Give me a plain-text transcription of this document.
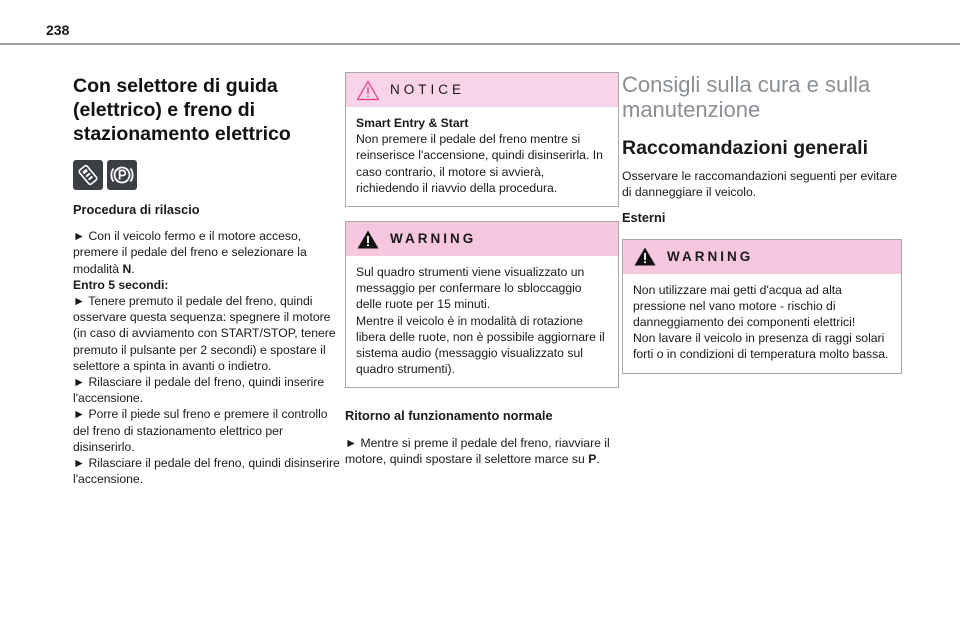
238
Con selettore di guida (elettrico) e freno di stazionamento elettrico

Procedura di rilascio

► Con il veicolo fermo e il motore acceso, premere il pedale del freno e selezionare la modalità N.

Entro 5 secondi:

► Tenere premuto il pedale del freno, quindi osservare questa sequenza: spegnere il motore (in caso di avviamento con START/STOP, tenere premuto il pulsante per 2 secondi) e spostare il selettore a spinta in avanti o indietro.

► Rilasciare il pedale del freno, quindi inserire l'accensione.

► Porre il piede sul freno e premere il controllo del freno di stazionamento elettrico per disinserirlo.

► Rilasciare il pedale del freno, quindi disinserire l'accensione.

NOTICE

Smart Entry & Start

Non premere il pedale del freno mentre si reinserisce l'accensione, quindi disinserirla. In caso contrario, il motore si avvierà, richiedendo il riavvio della procedura.

WARNING

Sul quadro strumenti viene visualizzato un messaggio per confermare lo sbloccaggio delle ruote per 15 minuti.

Mentre il veicolo è in modalità di rotazione libera delle ruote, non è possibile aggiornare il sistema audio (messaggio visualizzato sul quadro strumenti).

Ritorno al funzionamento normale

► Mentre si preme il pedale del freno, riavviare il motore, quindi spostare il selettore marce su P.

Consigli sulla cura e sulla manutenzione
Raccomandazioni generali

Osservare le raccomandazioni seguenti per evitare di danneggiare il veicolo.

Esterni

WARNING

Non utilizzare mai getti d'acqua ad alta pressione nel vano motore - rischio di danneggiamento dei componenti elettrici!

Non lavare il veicolo in presenza di raggi solari forti o in condizioni di temperatura molto bassa.
